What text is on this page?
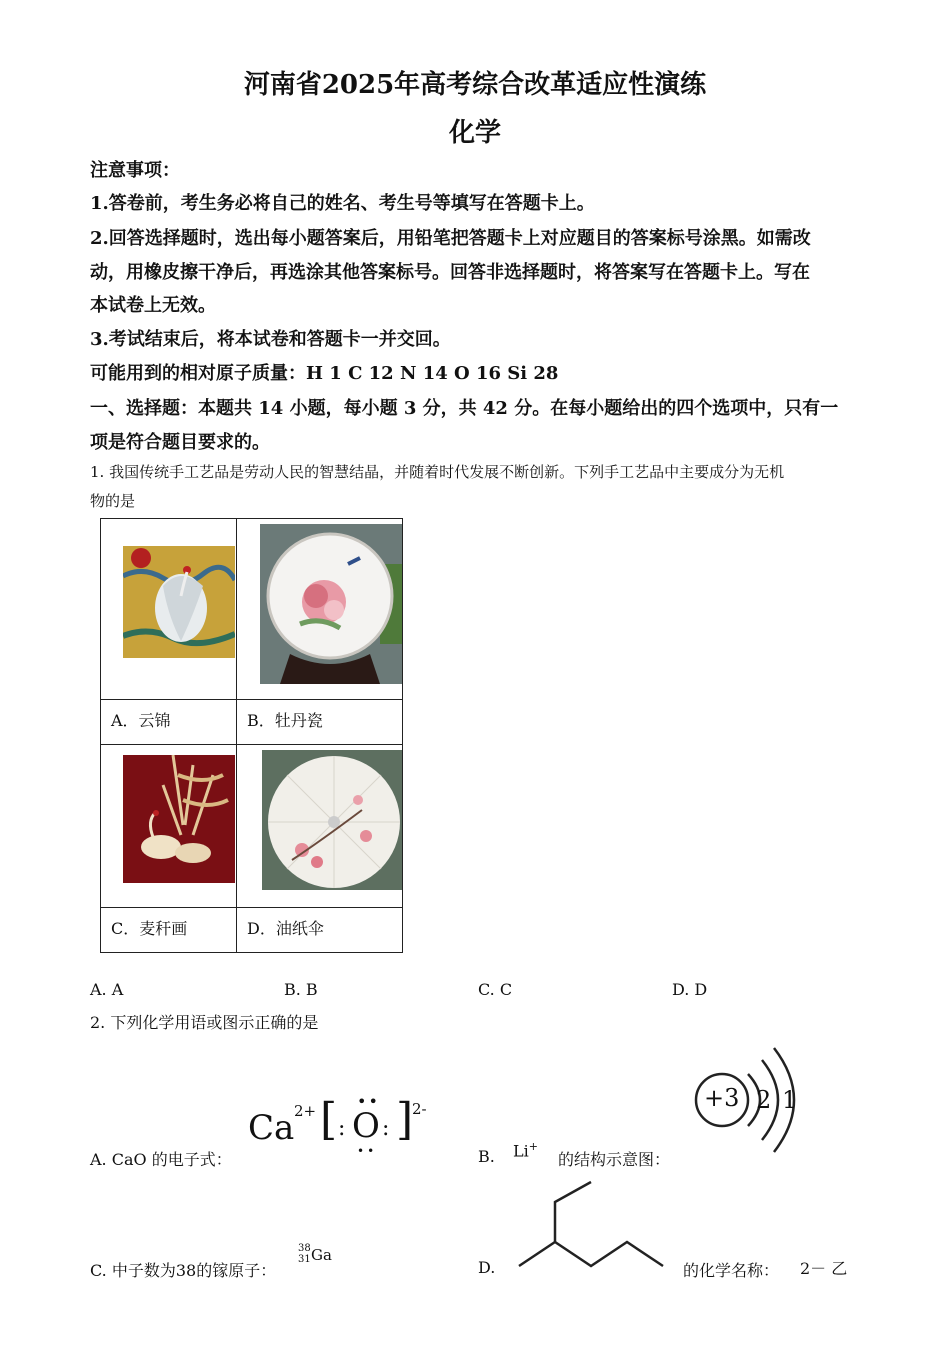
河南省2025年高考综合改革适应性演练
化学
注意事项：
1.答卷前，考生务必将自己的姓名、考生号等填写在答题卡上。
2.回答选择题时，选出每小题答案后，用铅笔把答题卡上对应题目的答案标号涂黑。如需改
动，用橡皮擦干净后，再选涂其他答案标号。回答非选择题时，将答案写在答题卡上。写在
本试卷上无效。
3.考试结束后，将本试卷和答题卡一并交回。
可能用到的相对原子质量：H 1 C 12 N 14 O 16 Si 28
一、选择题：本题共 14 小题，每小题 3 分，共 42 分。在每小题给出的四个选项中，只有一
项是符合题目要求的。
1. 我国传统手工艺品是劳动人民的智慧结晶，并随着时代发展不断创新。下列手工艺品中主要成分为无机
物的是

A．云锦	B．牡丹瓷

C．麦秆画	D．油纸伞
A. A	B. B	C. C	D. D
2. 下列化学用语或图示正确的是
A. CaO 的电子式：
Ca 2+ [ : O
••
••
: ]
2-
B. Li+
的结构示意图：
+3 2 1
C. 中子数为38的镓原子：
38
31 Ga
D.	的化学名称： 2－ 乙
